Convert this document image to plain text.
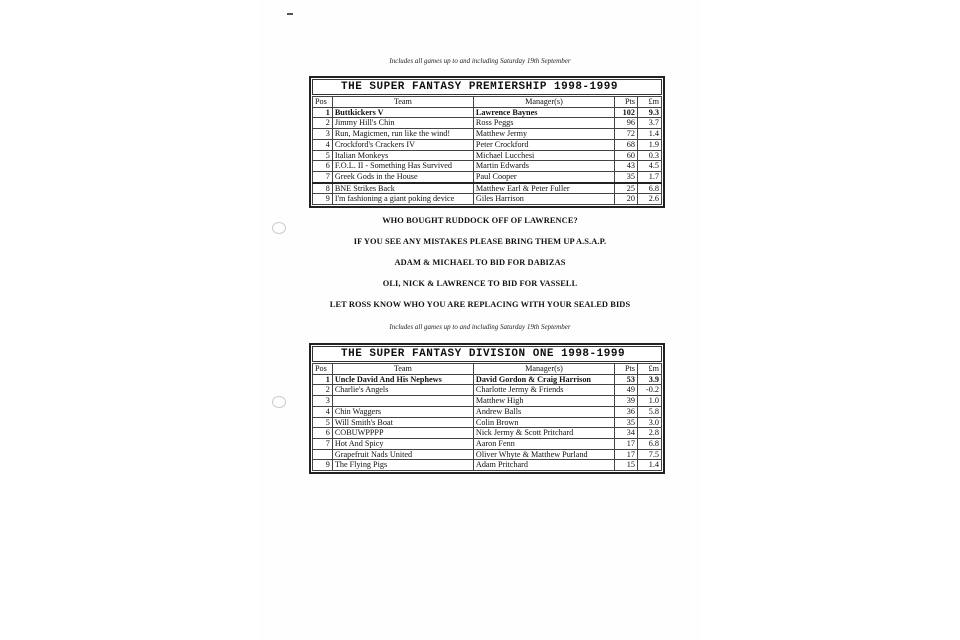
Includes all games up to and including Saturday 19th September
THE SUPER FANTASY PREMIERSHIP 1998-1999
Pos	Team	Manager(s)	Pts	£m
1	Buttkickers V	Lawrence Baynes	102	9.3
2	Jimmy Hill's Chin	Ross Peggs	96	3.7
3	Run, Magicmen, run like the wind!	Matthew Jermy	72	1.4
4	Crockford's Crackers IV	Peter Crockford	68	1.9
5	Italian Monkeys	Michael Lucchesi	60	0.3
6	F.O.L. II - Something Has Survived	Martin Edwards	43	4.5
7	Greek Gods in the House	Paul Cooper	35	1.7
8	BNE Strikes Back	Matthew Earl & Peter Fuller	25	6.8
9	I'm fashioning a giant poking device	Giles Harrison	20	2.6
WHO BOUGHT RUDDOCK OFF OF LAWRENCE?
IF YOU SEE ANY MISTAKES PLEASE BRING THEM UP A.S.A.P.
ADAM & MICHAEL TO BID FOR DABIZAS
OLI, NICK & LAWRENCE TO BID FOR VASSELL
LET ROSS KNOW WHO YOU ARE REPLACING WITH YOUR SEALED BIDS
Includes all games up to and including Saturday 19th September
THE SUPER FANTASY DIVISION ONE 1998-1999
Pos	Team	Manager(s)	Pts	£m
1	Uncle David And His Nephews	David Gordon & Craig Harrison	53	3.9
2	Charlie's Angels	Charlotte Jermy & Friends	49	-0.2
3		Matthew High	39	1.0
4	Chin Waggers	Andrew Balls	36	5.8
5	Will Smith's Boat	Colin Brown	35	3.0
6	COBUWPPPP	Nick Jermy & Scott Pritchard	34	2.8
7	Hot And Spicy	Aaron Fenn	17	6.8
	Grapefruit Nads United	Oliver Whyte & Matthew Purland	17	7.5
9	The Flying Pigs	Adam Pritchard	15	1.4
